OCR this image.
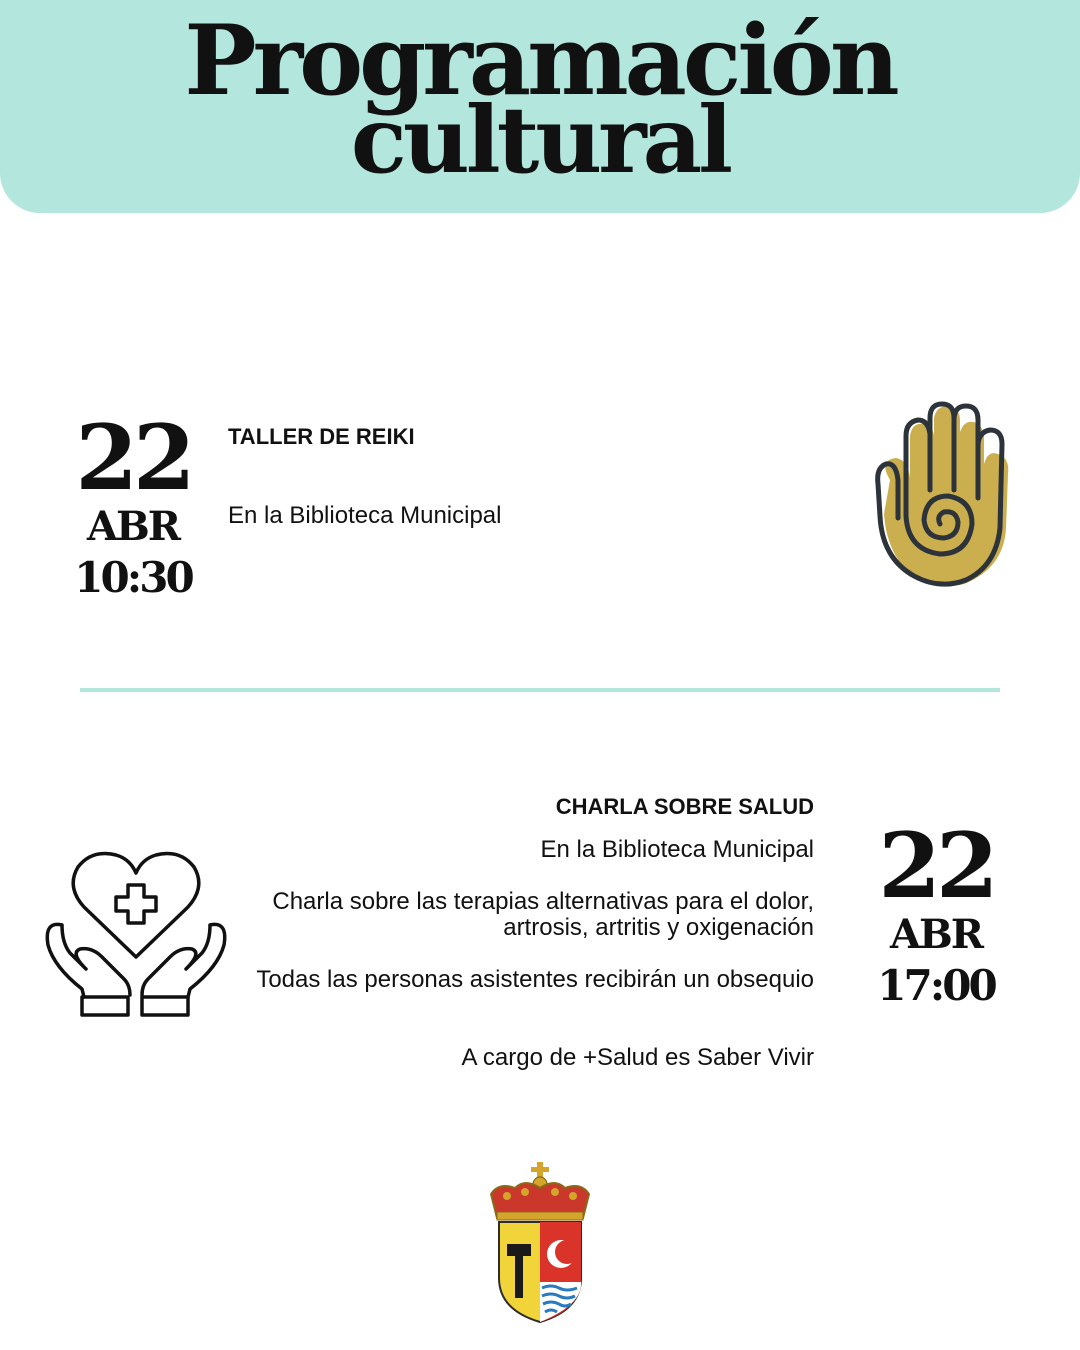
Programación
cultural
22
ABR
10:30
TALLER DE REIKI
En la Biblioteca Municipal
CHARLA SOBRE SALUD
En la Biblioteca Municipal
Charla sobre las terapias alternativas para el dolor, artrosis, artritis y oxigenación
Todas las personas asistentes recibirán un obsequio
A cargo de +Salud es Saber Vivir
22
ABR
17:00
